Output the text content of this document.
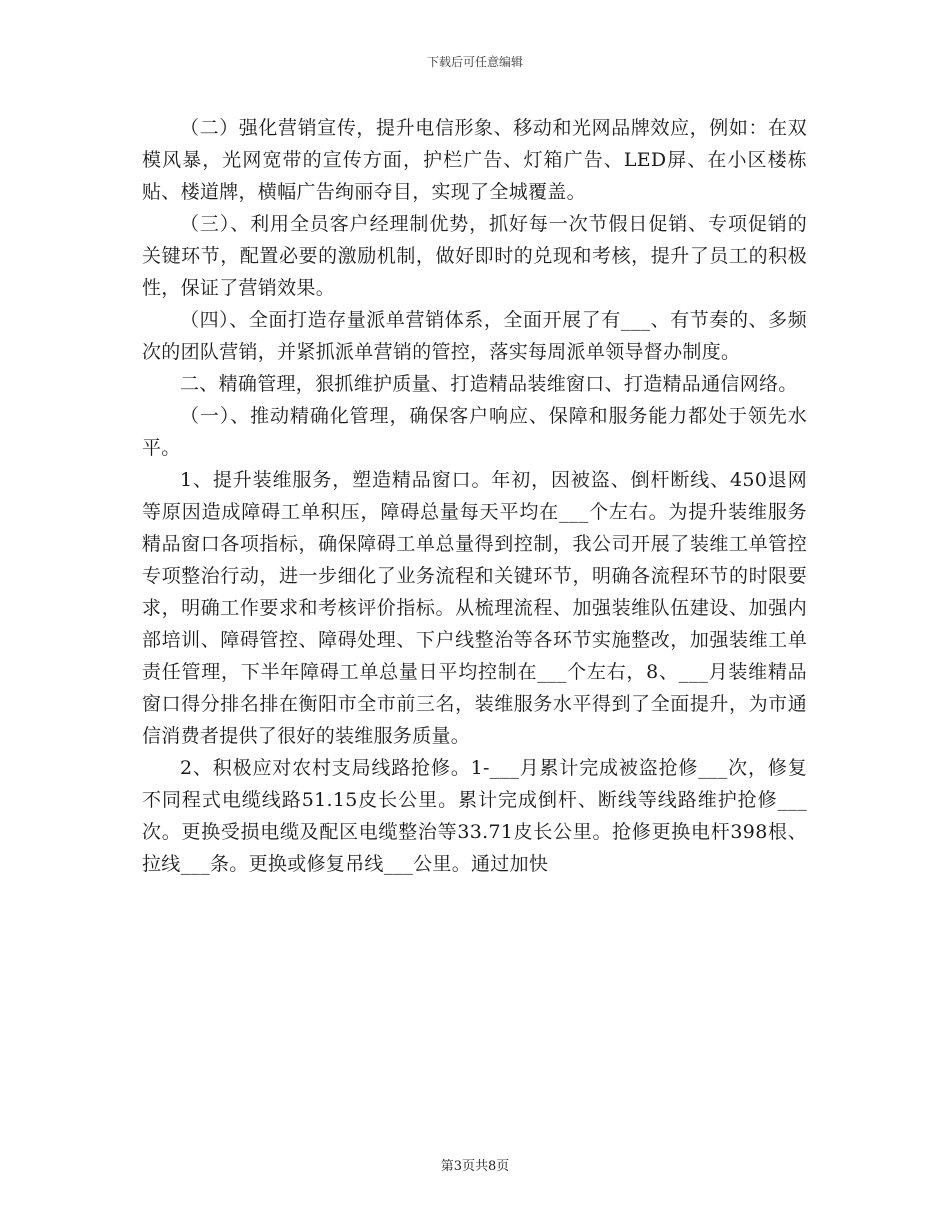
下载后可任意编辑

（二）强化营销宣传，提升电信形象、移动和光网品牌效应，例如：在双模风暴，光网宽带的宣传方面，护栏广告、灯箱广告、LED屏、在小区楼栋贴、楼道牌，横幅广告绚丽夺目，实现了全城覆盖。

（三）、利用全员客户经理制优势，抓好每一次节假日促销、专项促销的关键环节，配置必要的激励机制，做好即时的兑现和考核，提升了员工的积极性，保证了营销效果。

（四）、全面打造存量派单营销体系，全面开展了有___、有节奏的、多频次的团队营销，并紧抓派单营销的管控，落实每周派单领导督办制度。

二、精确管理，狠抓维护质量、打造精品装维窗口、打造精品通信网络。

（一）、推动精确化管理，确保客户响应、保障和服务能力都处于领先水平。

1、提升装维服务，塑造精品窗口。年初，因被盗、倒杆断线、450退网等原因造成障碍工单积压，障碍总量每天平均在___个左右。为提升装维服务精品窗口各项指标，确保障碍工单总量得到控制，我公司开展了装维工单管控专项整治行动，进一步细化了业务流程和关键环节，明确各流程环节的时限要求，明确工作要求和考核评价指标。从梳理流程、加强装维队伍建设、加强内部培训、障碍管控、障碍处理、下户线整治等各环节实施整改，加强装维工单责任管理，下半年障碍工单总量日平均控制在___个左右，8、___月装维精品窗口得分排名排在衡阳市全市前三名，装维服务水平得到了全面提升，为市通信消费者提供了很好的装维服务质量。

2、积极应对农村支局线路抢修。1-___月累计完成被盗抢修___次，修复不同程式电缆线路51.15皮长公里。累计完成倒杆、断线等线路维护抢修___次。更换受损电缆及配区电缆整治等33.71皮长公里。抢修更换电杆398根、拉线___条。更换或修复吊线___公里。通过加快

第3页共8页
